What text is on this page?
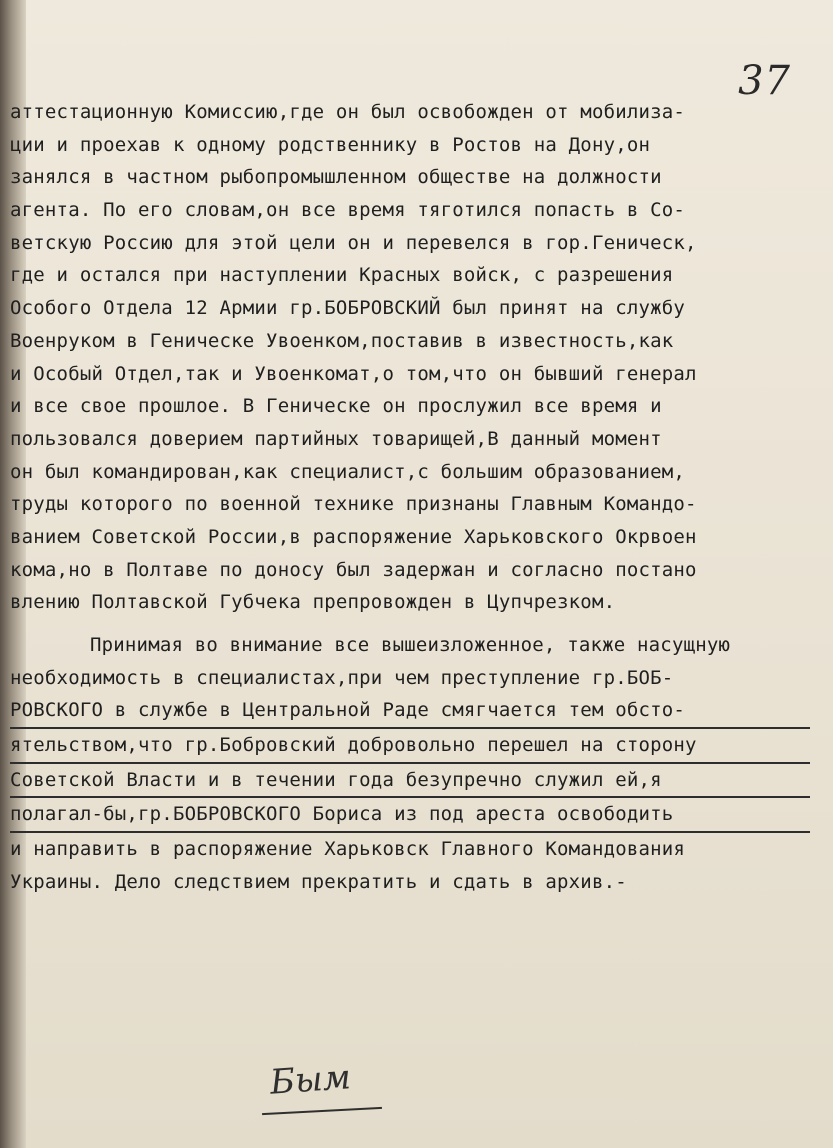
37
аттестационную Комиссию,где он был освобожден от мобилиза-
ции и проехав к одному родственнику в Ростов на Дону,он
занялся в частном рыбопромышленном обществе на должности
агента. По его словам,он все время тяготился попасть в Со-
ветскую Россию для этой цели он и перевелся в гор.Геническ,
где и остался при наступлении Красных войск, с разрешения
Особого Отдела 12 Армии гр.БОБРОВСКИЙ был принят на службу
Военруком в Геническе Увоенком,поставив в известность,как
и Особый Отдел,так и Увоенкомат,о том,что он бывший генерал
и все свое прошлое. В Геническе он прослужил все время и
пользовался доверием партийных товарищей,В данный момент
он был командирован,как специалист,с большим образованием,
труды которого по военной технике признаны Главным Командо-
ванием Советской России,в распоряжение Харьковского Окрвоен
кома,но в Полтаве по доносу был задержан и согласно постано
влению Полтавской Губчека препровожден в Цупчрезком.
Принимая во внимание все вышеизложенное, также насущную
необходимость в специалистах,при чем преступление гр.БОБ-
РОВСКОГО в службе в Центральной Раде смягчается тем обсто-
ятельством,что гр.Бобровский добровольно перешел на сторону
Советской Власти и в течении года безупречно служил ей,я
полагал-бы,гр.БОБРОВСКОГО Бориса из под ареста освободить
и направить в распоряжение Харьковск Главного Командования
Украины. Дело следствием прекратить и сдать в архив.-
Бым
